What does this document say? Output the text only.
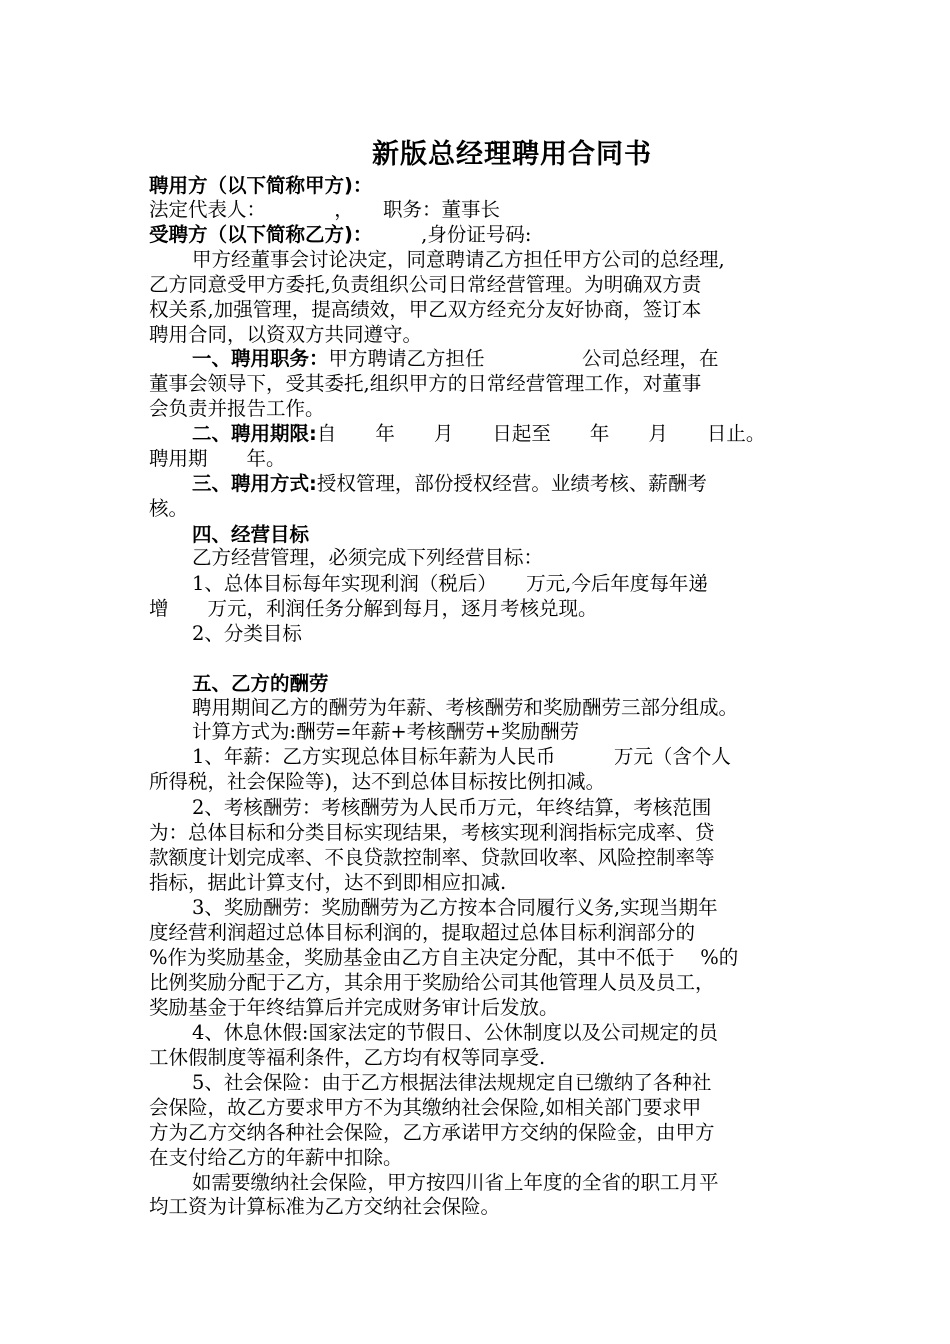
新版总经理聘用合同书
聘用方（以下简称甲方)：
法定代表人：　　　　，　　职务：董事长
受聘方（以下简称乙方)：　　　,身份证号码:
甲方经董事会讨论决定，同意聘请乙方担任甲方公司的总经理,
乙方同意受甲方委托,负责组织公司日常经营管理。为明确双方责
权关系,加强管理，提高绩效，甲乙双方经充分友好协商，签订本
聘用合同，以资双方共同遵守。
一、聘用职务：甲方聘请乙方担任　　　　　公司总经理，在
董事会领导下，受其委托,组织甲方的日常经营管理工作，对董事
会负责并报告工作。
二、聘用期限:自　　年　　月　　日起至　　年　　月　　日止。
聘用期　　年。
三、聘用方式:授权管理，部份授权经营。业绩考核、薪酬考
核。
四、经营目标
乙方经营管理，必须完成下列经营目标：
1、总体目标每年实现利润（税后）　　万元,今后年度每年递
增　　万元，利润任务分解到每月，逐月考核兑现。
2、分类目标
五、乙方的酬劳
聘用期间乙方的酬劳为年薪、考核酬劳和奖励酬劳三部分组成。
计算方式为:酬劳=年薪+考核酬劳+奖励酬劳
1、年薪：乙方实现总体目标年薪为人民币　　　万元（含个人
所得税，社会保险等)，达不到总体目标按比例扣减。
2、考核酬劳：考核酬劳为人民币万元，年终结算，考核范围
为：总体目标和分类目标实现结果，考核实现利润指标完成率、贷
款额度计划完成率、不良贷款控制率、贷款回收率、风险控制率等
指标，据此计算支付，达不到即相应扣减.
3、奖励酬劳：奖励酬劳为乙方按本合同履行义务,实现当期年
度经营利润超过总体目标利润的，提取超过总体目标利润部分的
%作为奖励基金，奖励基金由乙方自主决定分配，其中不低于　 %的
比例奖励分配于乙方，其余用于奖励给公司其他管理人员及员工，
奖励基金于年终结算后并完成财务审计后发放。
4、休息休假:国家法定的节假日、公休制度以及公司规定的员
工休假制度等福利条件，乙方均有权等同享受.
5、社会保险：由于乙方根据法律法规规定自已缴纳了各种社
会保险，故乙方要求甲方不为其缴纳社会保险,如相关部门要求甲
方为乙方交纳各种社会保险，乙方承诺甲方交纳的保险金，由甲方
在支付给乙方的年薪中扣除。
如需要缴纳社会保险，甲方按四川省上年度的全省的职工月平
均工资为计算标准为乙方交纳社会保险。
